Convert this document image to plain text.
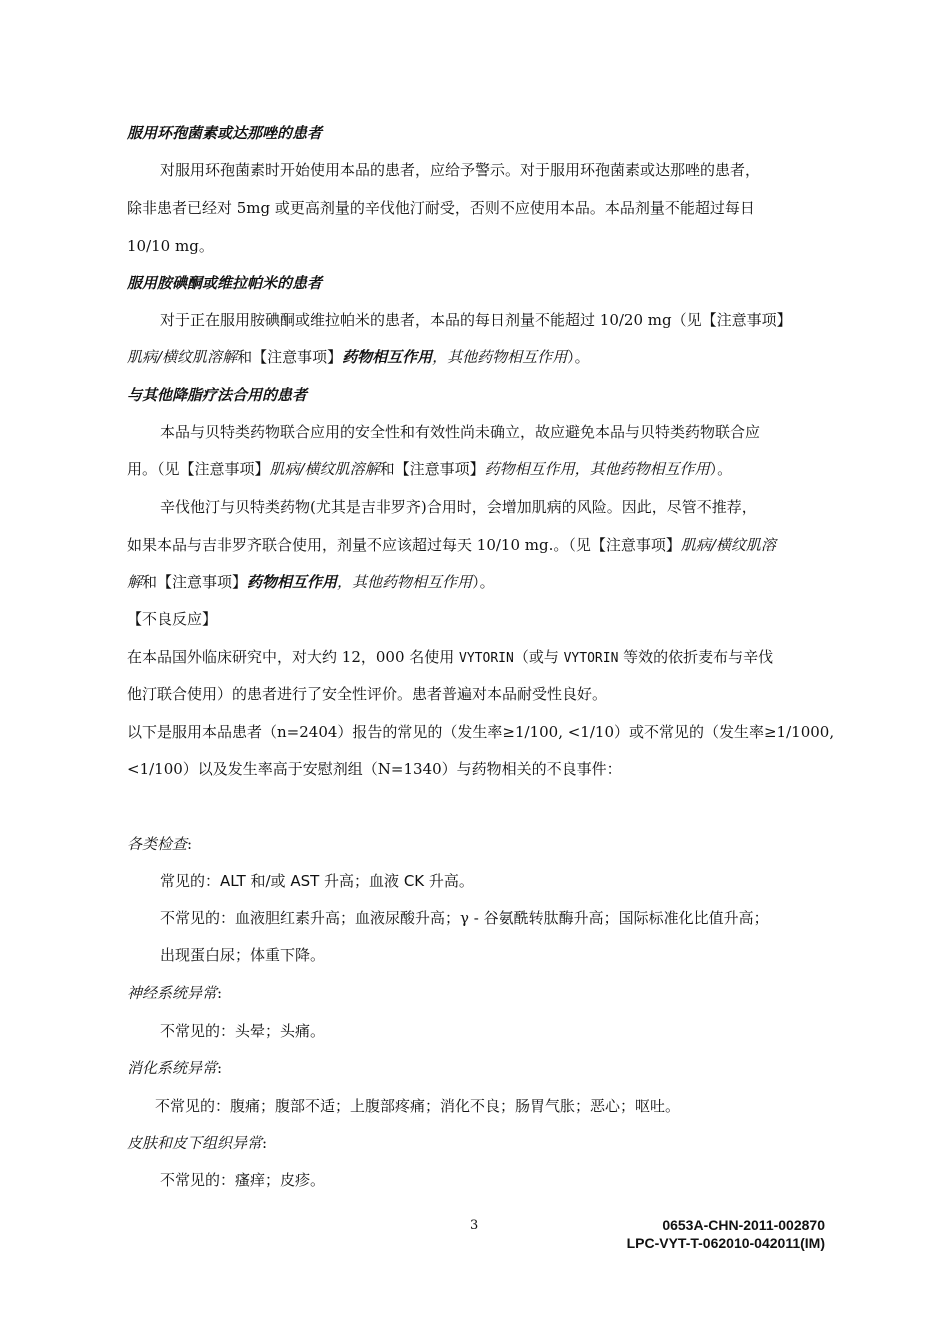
服用环孢菌素或达那唑的患者
对服用环孢菌素时开始使用本品的患者，应给予警示。对于服用环孢菌素或达那唑的患者，
除非患者已经对 5mg 或更高剂量的辛伐他汀耐受，否则不应使用本品。本品剂量不能超过每日
10/10 mg。
服用胺碘酮或维拉帕米的患者
对于正在服用胺碘酮或维拉帕米的患者，本品的每日剂量不能超过 10/20 mg（见【注意事项】
肌病/横纹肌溶解和【注意事项】药物相互作用，其他药物相互作用）。
与其他降脂疗法合用的患者
本品与贝特类药物联合应用的安全性和有效性尚未确立，故应避免本品与贝特类药物联合应
用。（见【注意事项】肌病/横纹肌溶解和【注意事项】药物相互作用，其他药物相互作用）。
辛伐他汀与贝特类药物(尤其是吉非罗齐)合用时，会增加肌病的风险。因此，尽管不推荐，
如果本品与吉非罗齐联合使用，剂量不应该超过每天 10/10 mg.。（见【注意事项】肌病/横纹肌溶
解和【注意事项】药物相互作用，其他药物相互作用）。
【不良反应】
在本品国外临床研究中，对大约 12，000 名使用 VYTORIN（或与 VYTORIN 等效的依折麦布与辛伐
他汀联合使用）的患者进行了安全性评价。患者普遍对本品耐受性良好。
以下是服用本品患者（n=2404）报告的常见的（发生率≥1/100, <1/10）或不常见的（发生率≥1/1000,
<1/100）以及发生率高于安慰剂组（N=1340）与药物相关的不良事件：
各类检查:
常见的：ALT 和/或 AST 升高；血液 CK 升高。
不常见的：血液胆红素升高；血液尿酸升高；γ - 谷氨酰转肽酶升高；国际标准化比值升高；
出现蛋白尿；体重下降。
神经系统异常:
不常见的：头晕；头痛。
消化系统异常:
不常见的：腹痛；腹部不适；上腹部疼痛；消化不良；肠胃气胀；恶心；呕吐。
皮肤和皮下组织异常:
不常见的：瘙痒；皮疹。
3	0653A-CHN-2011-002870
LPC-VYT-T-062010-042011(IM)
